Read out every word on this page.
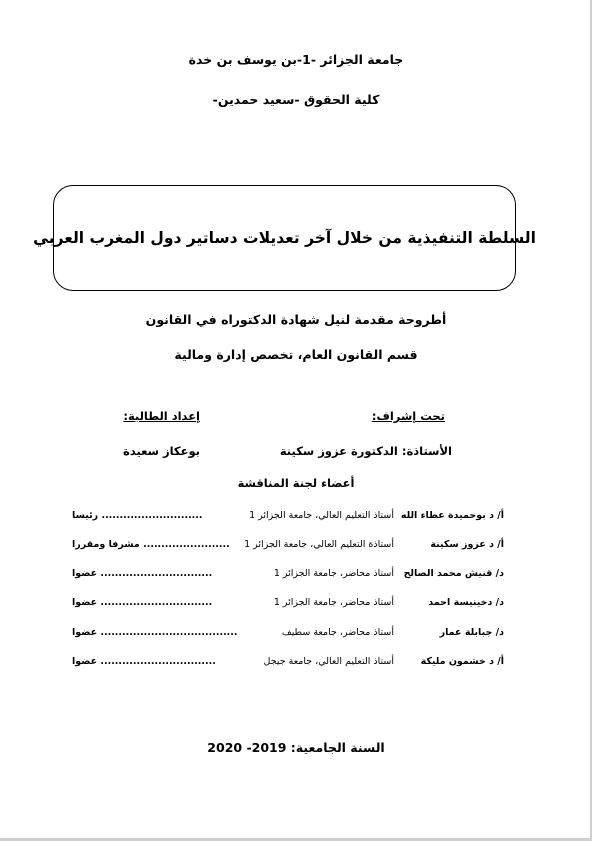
جامعة الجزائر -1-بن يوسف بن خدة
كلية الحقوق -سعيد حمدين-
السلطة التنفيذية من خلال آخر تعديلات دساتير دول المغرب العربي
أطروحة مقدمة لنيل شهادة الدكتوراه في القانون
قسم القانون العام، تخصص إدارة ومالية
تحت إشراف:
إعداد الطالبة:
الأستاذة: الدكتورة عزوز سكينة
بوعكاز سعيدة
أعضاء لجنة المناقشة
أ/ د بوحميدة عطاء الله
أستاذ التعليم العالي، جامعة الجزائر 1
............................ رئيسا
أ/ د عزوز سكينة
أستاذة التعليم العالي، جامعة الجزائر 1
........................ مشرفا ومقررا
د/ قنيش محمد الصالح
أستاذ محاضر، جامعة الجزائر 1
............................... عضوا
د/ دخينيسة احمد
أستاذ محاضر، جامعة الجزائر 1
............................... عضوا
د/ جبابلة عمار
أستاذ محاضر، جامعة سطيف
...................................... عضوا
أ/ د خشمون مليكة
أستاذ التعليم العالي، جامعة جيجل
................................ عضوا
السنة الجامعية: 2019- 2020
